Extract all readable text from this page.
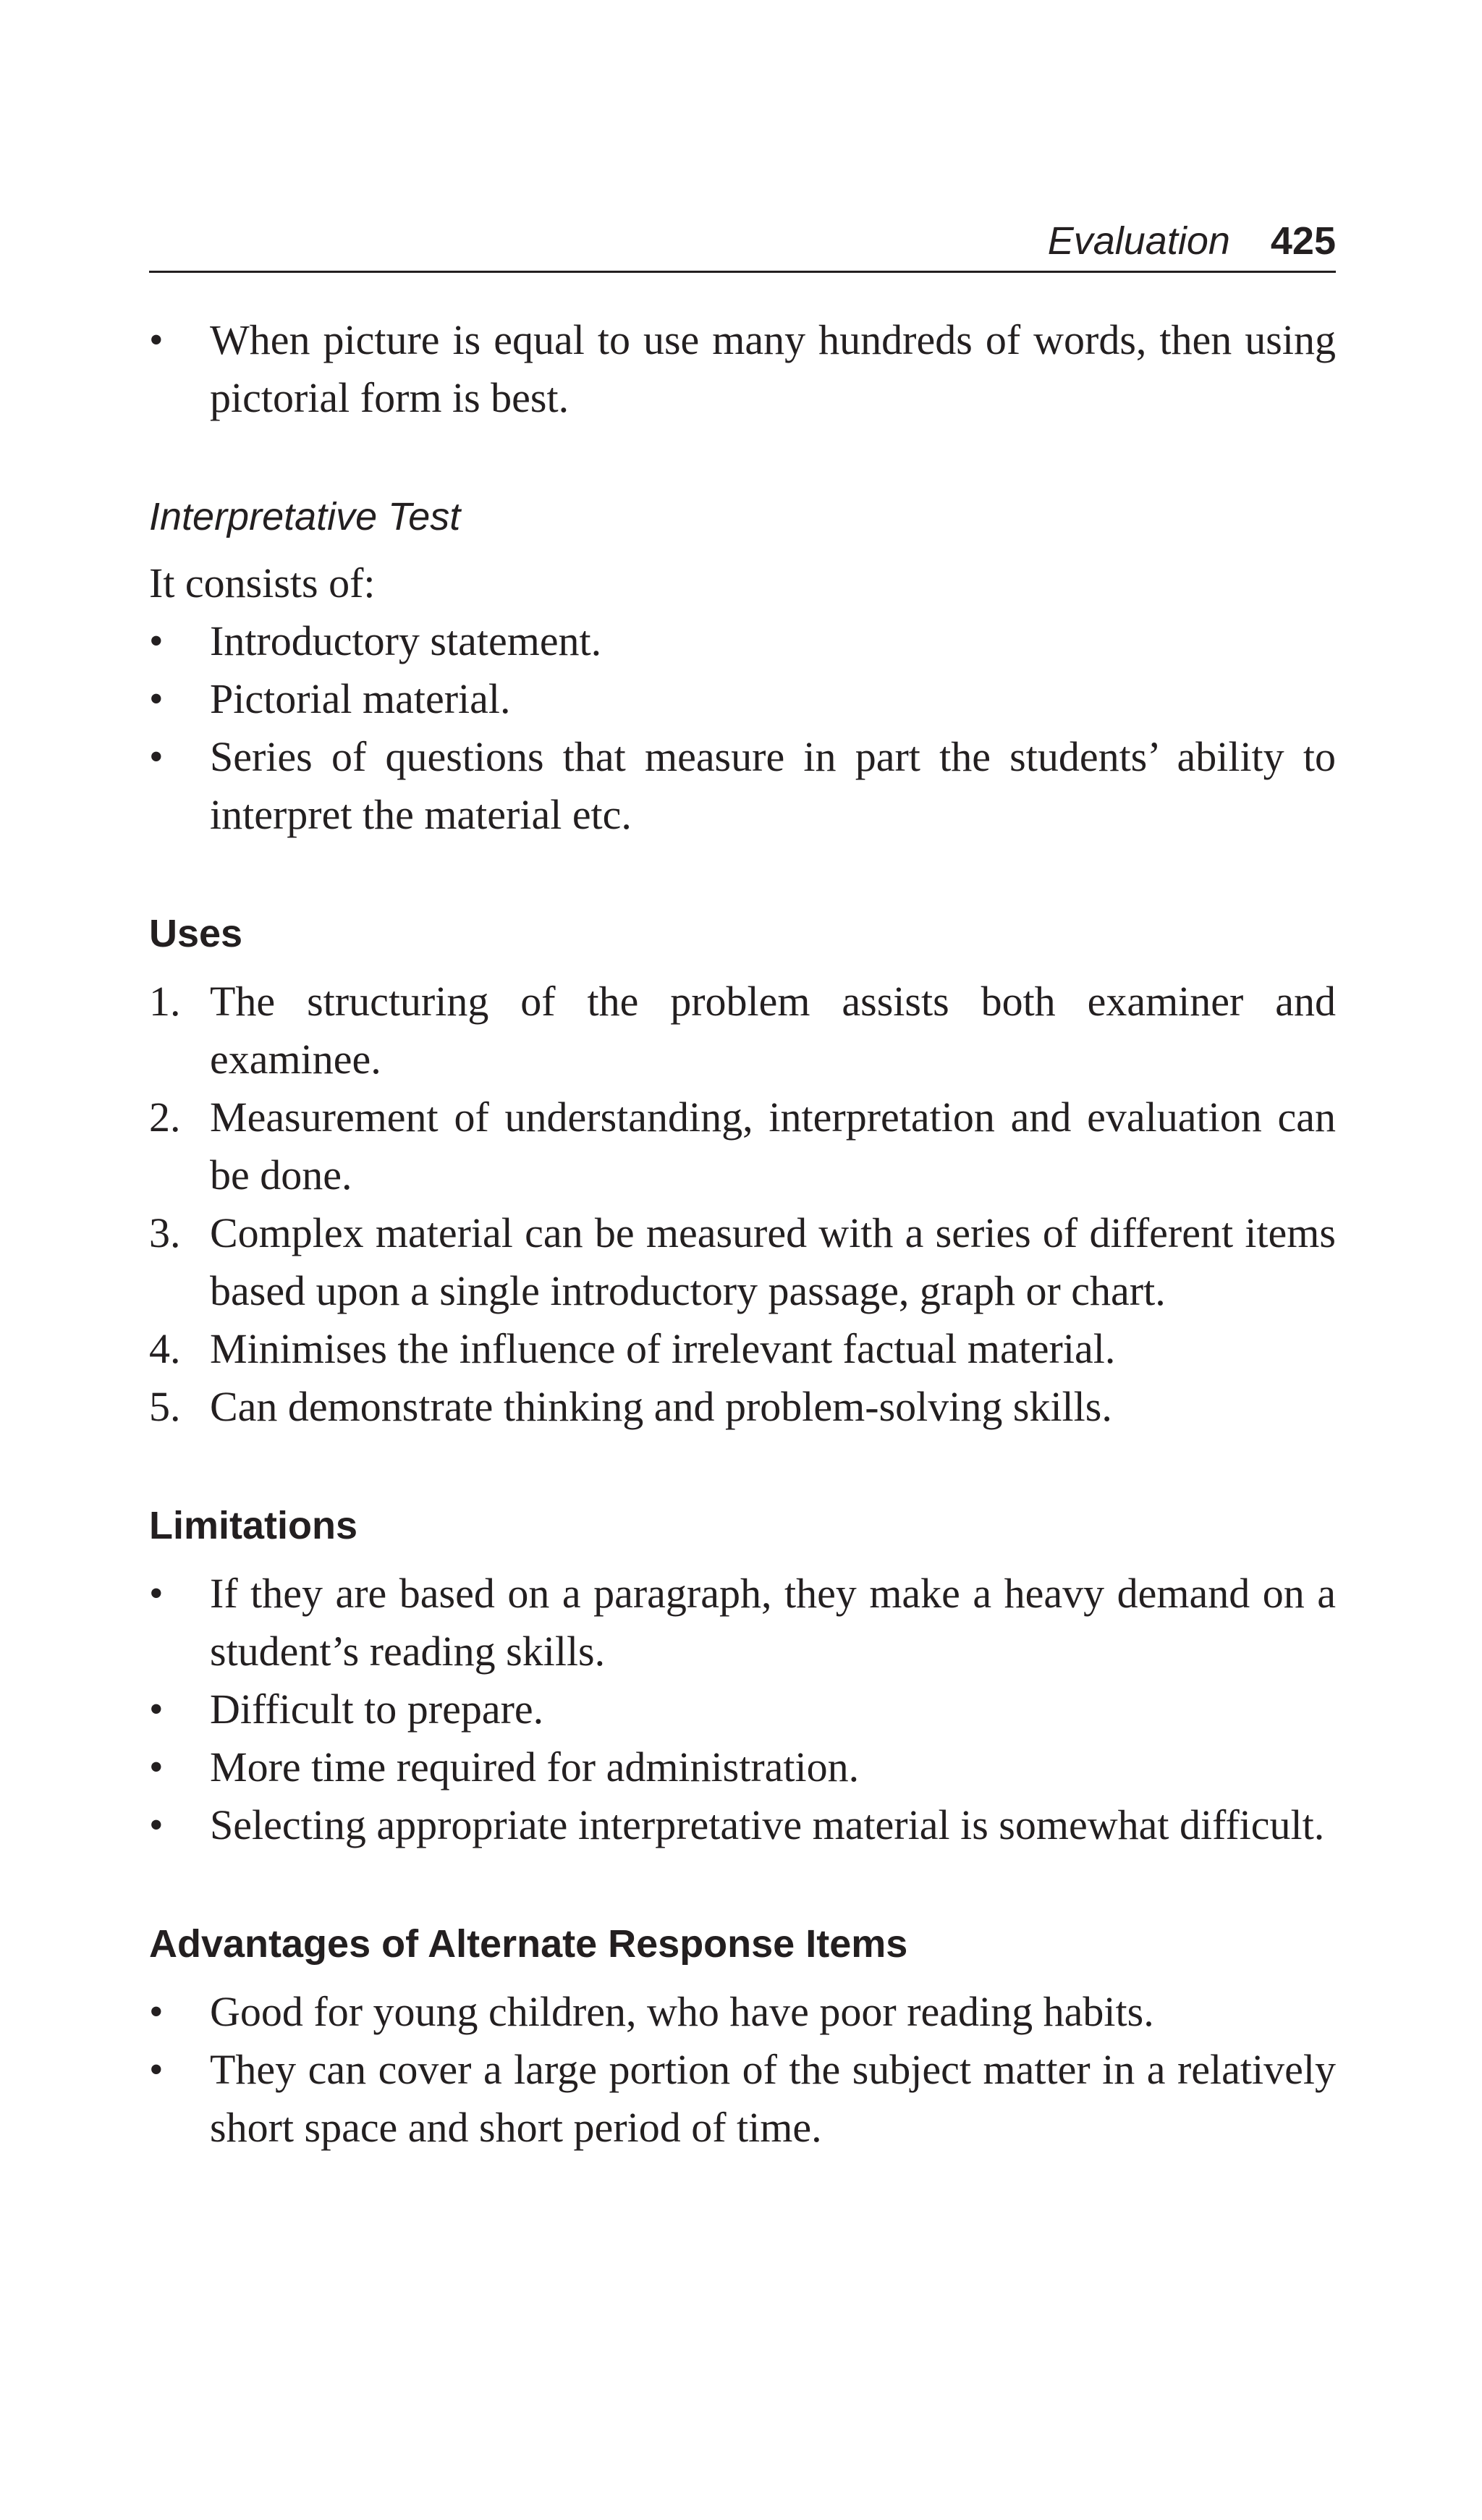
Evaluation 425
•	When picture is equal to use many hundreds of words, then using pictorial form is best.
Interpretative Test

It consists of:

•	Introductory statement.
•	Pictorial material.
•	Series of questions that measure in part the students’ ability to interpret the material etc.
Uses
1. The structuring of the problem assists both examiner and examinee.
2. Measurement of understanding, interpretation and evaluation can be done.
3. Complex material can be measured with a series of different items based upon a single introductory passage, graph or chart.
4. Minimises the influence of irrelevant factual material.
5. Can demonstrate thinking and problem-solving skills.
Limitations
•	If they are based on a paragraph, they make a heavy demand on a student’s reading skills.
•	Difficult to prepare.
•	More time required for administration.
•	Selecting appropriate interpretative material is somewhat difficult.
Advantages of Alternate Response Items
•	Good for young children, who have poor reading habits.
•	They can cover a large portion of the subject matter in a relatively short space and short period of time.
